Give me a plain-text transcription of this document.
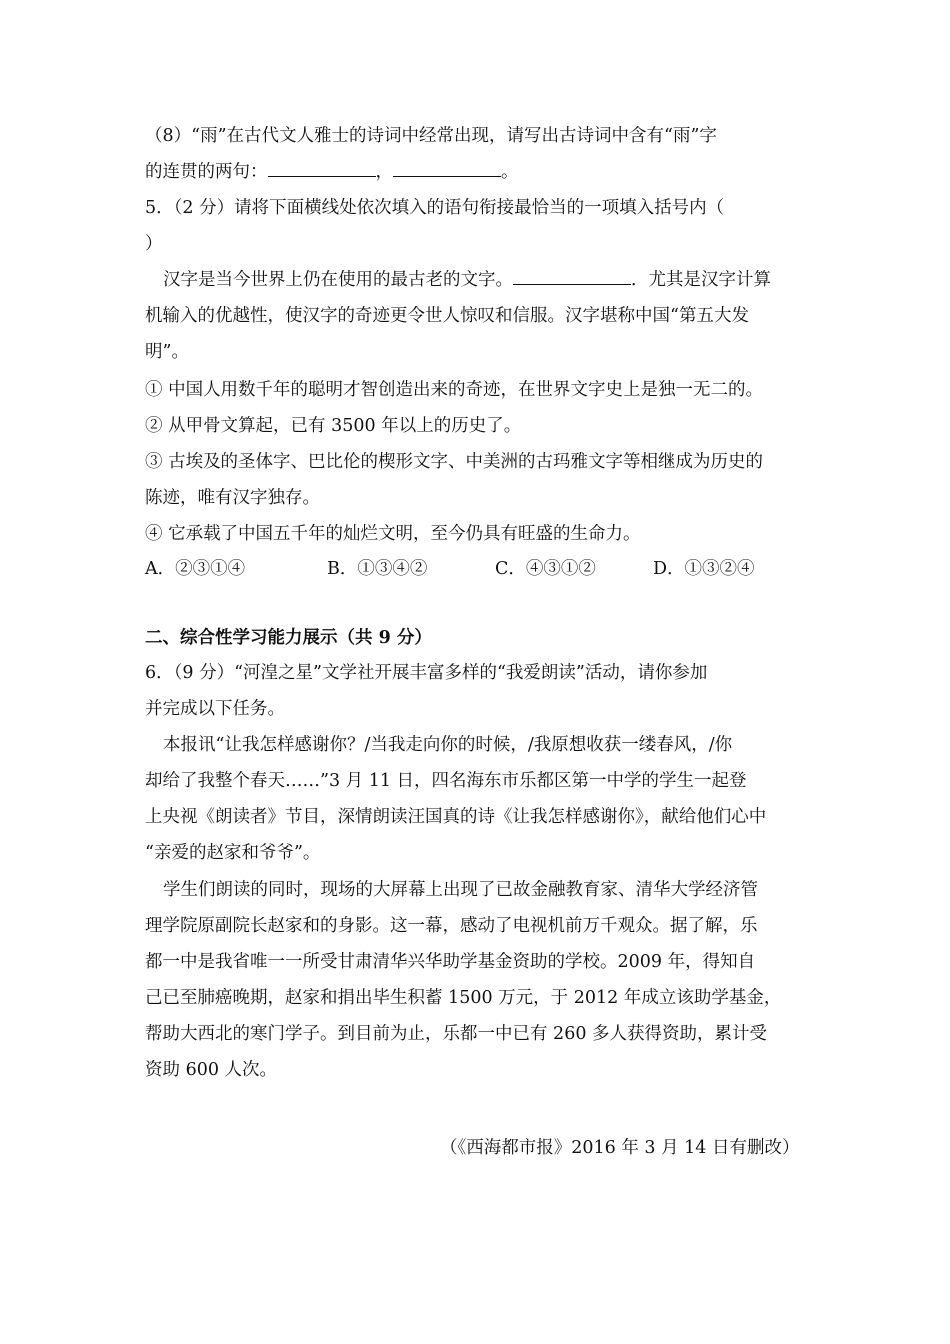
（8）“雨”在古代文人雅士的诗词中经常出现，请写出古诗词中含有“雨”字
的连贯的两句：	，	。
5．（2 分）请将下面横线处依次填入的语句衔接最恰当的一项填入括号内（
）
汉字是当今世界上仍在使用的最古老的文字。	．尤其是汉字计算
机输入的优越性，使汉字的奇迹更令世人惊叹和信服。汉字堪称中国“第五大发
明”。
① 中国人用数千年的聪明才智创造出来的奇迹，在世界文字史上是独一无二的。
② 从甲骨文算起，已有 3500 年以上的历史了。
③ 古埃及的圣体字、巴比伦的楔形文字、中美洲的古玛雅文字等相继成为历史的
陈迹，唯有汉字独存。
④ 它承载了中国五千年的灿烂文明，至今仍具有旺盛的生命力。
A．②③①④	B．①③④②	C．④③①②	D．①③②④
二、综合性学习能力展示（共 9 分）
6．（9 分）“河湟之星”文学社开展丰富多样的“我爱朗读”活动，请你参加
并完成以下任务。
本报讯“让我怎样感谢你？/当我走向你的时候，/我原想收获一缕春风，/你
却给了我整个春天……”3 月 11 日，四名海东市乐都区第一中学的学生一起登
上央视《朗读者》节目，深情朗读汪国真的诗《让我怎样感谢你》，献给他们心中
“亲爱的赵家和爷爷”。
学生们朗读的同时，现场的大屏幕上出现了已故金融教育家、清华大学经济管
理学院原副院长赵家和的身影。这一幕，感动了电视机前万千观众。据了解，乐
都一中是我省唯一一所受甘肃清华兴华助学基金资助的学校。2009 年，得知自
己已至肺癌晚期，赵家和捐出毕生积蓄 1500 万元，于 2012 年成立该助学基金，
帮助大西北的寒门学子。到目前为止，乐都一中已有 260 多人获得资助，累计受
资助 600 人次。
（《西海都市报》2016 年 3 月 14 日有删改）
